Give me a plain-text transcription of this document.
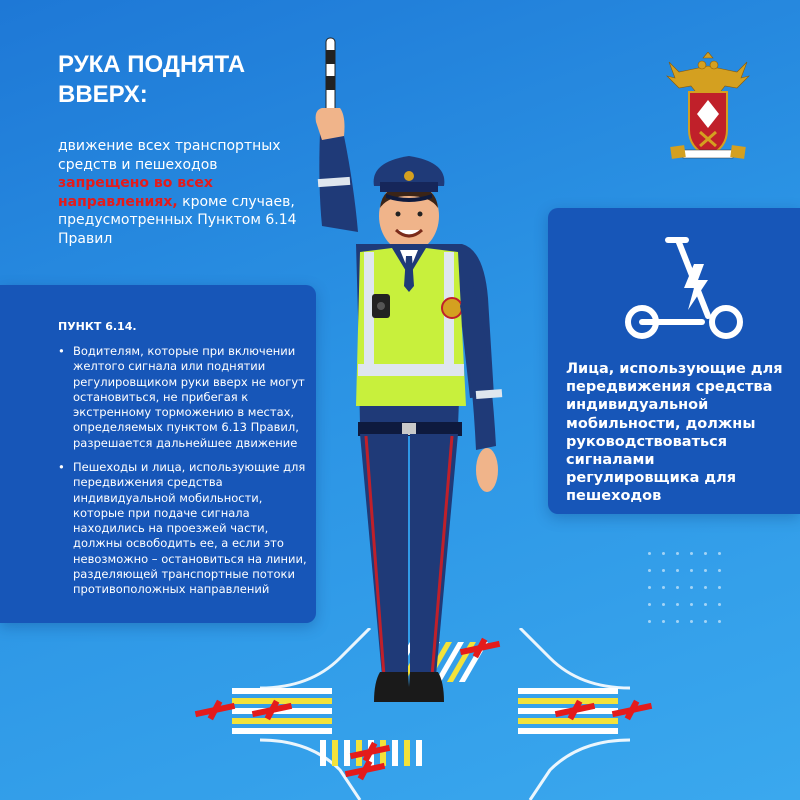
РУКА ПОДНЯТА ВВЕРХ:

движение всех транспортных средств и пешеходов запрещено во всех направлениях, кроме случаев, предусмотренных Пунктом 6.14 Правил

ПУНКТ 6.14.

• Водителям, которые при включении желтого сигнала или поднятии регулировщиком руки вверх не могут остановиться, не прибегая к экстренному торможению в местах, определяемых пунктом 6.13 Правил, разрешается дальнейшее движение
• Пешеходы и лица, использующие для передвижения средства индивидуальной мобильности, которые при подаче сигнала находились на проезжей части, должны освободить ее, а если это невозможно – остановиться на линии, разделяющей транспортные потоки противоположных направлений

Лица, использующие для передвижения средства индивидуальной мобильности, должны руководствоваться сигналами регулировщика для пешеходов
